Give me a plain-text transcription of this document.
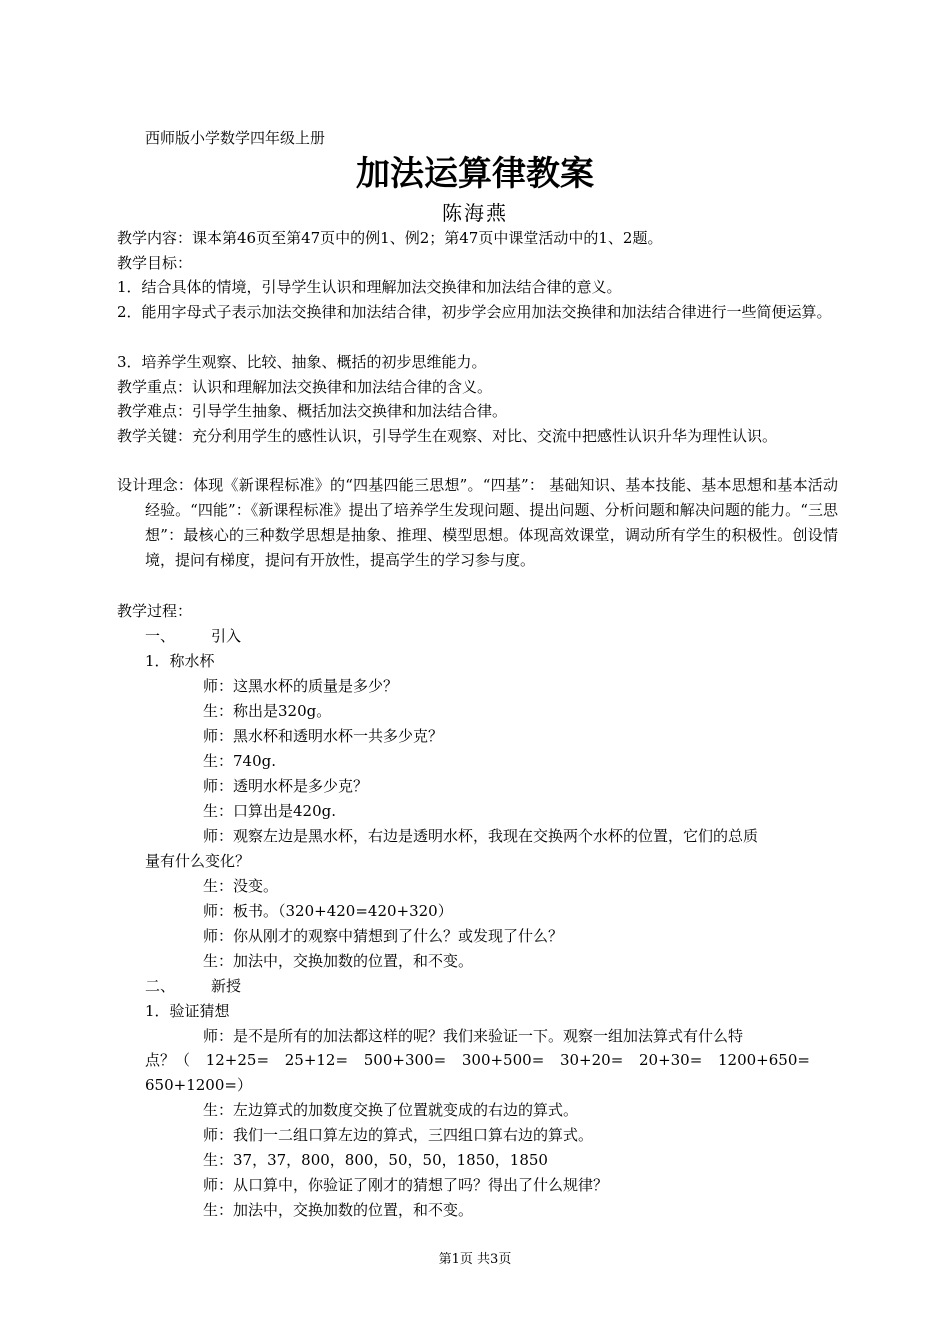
西师版小学数学四年级上册
加法运算律教案
陈海燕
教学内容：课本第46页至第47页中的例1、例2；第47页中课堂活动中的1、2题。
教学目标：
1．结合具体的情境，引导学生认识和理解加法交换律和加法结合律的意义。
2．能用字母式子表示加法交换律和加法结合律，初步学会应用加法交换律和加法结合律进行一些简便运算。
3．培养学生观察、比较、抽象、概括的初步思维能力。
教学重点：认识和理解加法交换律和加法结合律的含义。
教学难点：引导学生抽象、概括加法交换律和加法结合律。
教学关键：充分利用学生的感性认识，引导学生在观察、对比、交流中把感性认识升华为理性认识。
设计理念：体现《新课程标准》的“四基四能三思想”。“四基”： 基础知识、基本技能、基本思想和基本活动经验。“四能”：《新课程标准》提出了培养学生发现问题、提出问题、分析问题和解决问题的能力。“三思想”：最核心的三种数学思想是抽象、推理、模型思想。体现高效课堂，调动所有学生的积极性。创设情境，提问有梯度，提问有开放性，提高学生的学习参与度。
教学过程：
一、 引入
1．称水杯
师：这黑水杯的质量是多少？
生：称出是320g。
师：黑水杯和透明水杯一共多少克？
生：740g.
师：透明水杯是多少克？
生：口算出是420g.
师：观察左边是黑水杯，右边是透明水杯，我现在交换两个水杯的位置，它们的总质
量有什么变化？
生：没变。
师：板书。（320+420=420+320）
师：你从刚才的观察中猜想到了什么？或发现了什么？
生：加法中，交换加数的位置，和不变。
二、 新授
1．验证猜想
师：是不是所有的加法都这样的呢？我们来验证一下。观察一组加法算式有什么特
点？（ 12+25= 25+12= 500+300= 300+500= 30+20= 20+30= 1200+650=
650+1200=）
生：左边算式的加数度交换了位置就变成的右边的算式。
师：我们一二组口算左边的算式，三四组口算右边的算式。
生：37，37，800，800，50，50，1850，1850
师：从口算中，你验证了刚才的猜想了吗？得出了什么规律？
生：加法中，交换加数的位置，和不变。
第1页 共3页
